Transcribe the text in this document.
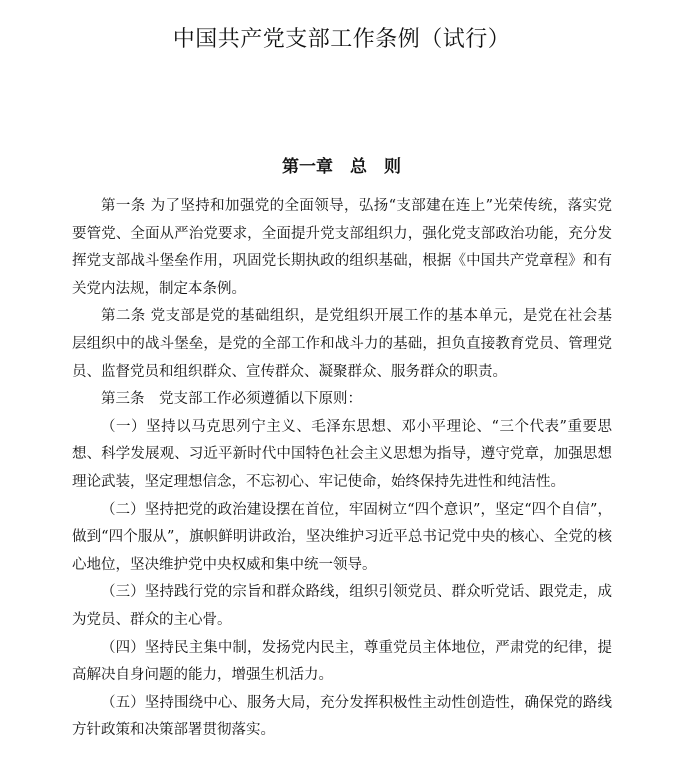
中国共产党支部工作条例（试行）
第一章　总　则

第一条 为了坚持和加强党的全面领导，弘扬“支部建在连上”光荣传统，落实党要管党、全面从严治党要求，全面提升党支部组织力，强化党支部政治功能，充分发挥党支部战斗堡垒作用，巩固党长期执政的组织基础，根据《中国共产党章程》和有关党内法规，制定本条例。

第二条 党支部是党的基础组织，是党组织开展工作的基本单元，是党在社会基层组织中的战斗堡垒，是党的全部工作和战斗力的基础，担负直接教育党员、管理党员、监督党员和组织群众、宣传群众、凝聚群众、服务群众的职责。

第三条　党支部工作必须遵循以下原则：

（一）坚持以马克思列宁主义、毛泽东思想、邓小平理论、“三个代表”重要思想、科学发展观、习近平新时代中国特色社会主义思想为指导，遵守党章，加强思想理论武装，坚定理想信念，不忘初心、牢记使命，始终保持先进性和纯洁性。

（二）坚持把党的政治建设摆在首位，牢固树立“四个意识”，坚定“四个自信”，做到“四个服从”，旗帜鲜明讲政治，坚决维护习近平总书记党中央的核心、全党的核心地位，坚决维护党中央权威和集中统一领导。

（三）坚持践行党的宗旨和群众路线，组织引领党员、群众听党话、跟党走，成为党员、群众的主心骨。

（四）坚持民主集中制，发扬党内民主，尊重党员主体地位，严肃党的纪律，提高解决自身问题的能力，增强生机活力。

（五）坚持围绕中心、服务大局，充分发挥积极性主动性创造性，确保党的路线方针政策和决策部署贯彻落实。
